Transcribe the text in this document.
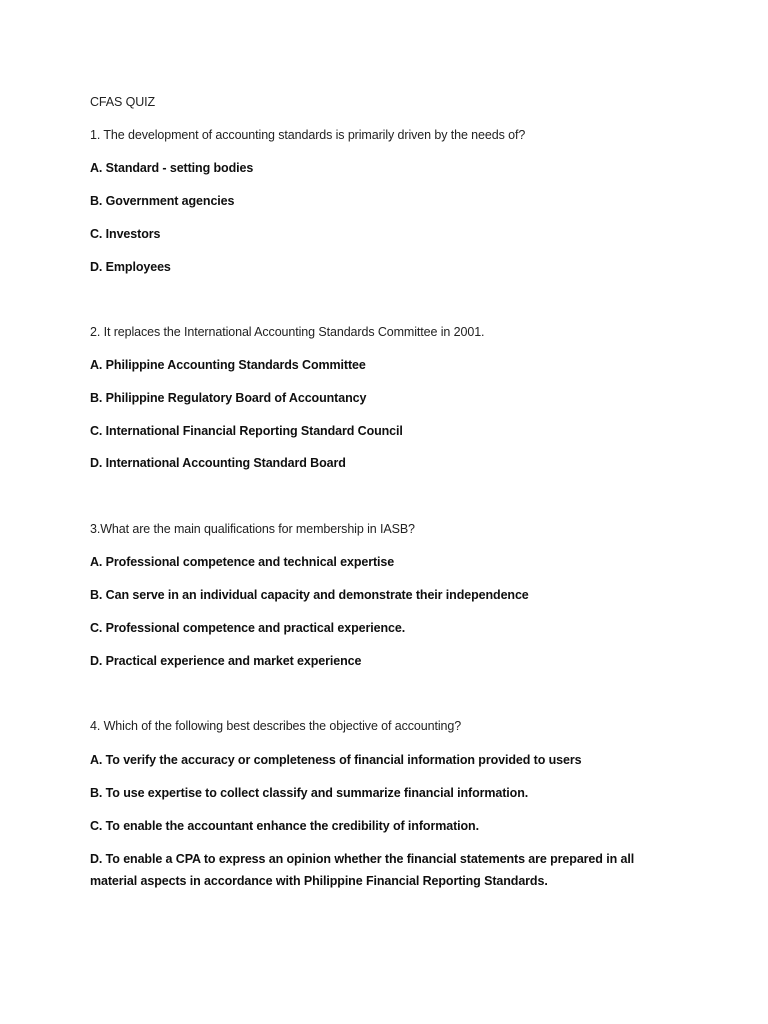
CFAS QUIZ
1. The development of accounting standards is primarily driven by the needs of?
A. Standard - setting bodies
B. Government agencies
C. Investors
D. Employees
2. It replaces the International Accounting Standards Committee in 2001.
A. Philippine Accounting Standards Committee
B. Philippine Regulatory Board of Accountancy
C. International Financial Reporting Standard Council
D. International Accounting Standard Board
3.What are the main qualifications for membership in IASB?
A. Professional competence and technical expertise
B. Can serve in an individual capacity and demonstrate their independence
C. Professional competence and practical experience.
D. Practical experience and market experience
4. Which of the following best describes the objective of accounting?
A. To verify the accuracy or completeness of financial information provided to users
B. To use expertise to collect classify and summarize financial information.
C. To enable the accountant enhance the credibility of information.
D. To enable a CPA to express an opinion whether the financial statements are prepared in all material aspects in accordance with Philippine Financial Reporting Standards.
